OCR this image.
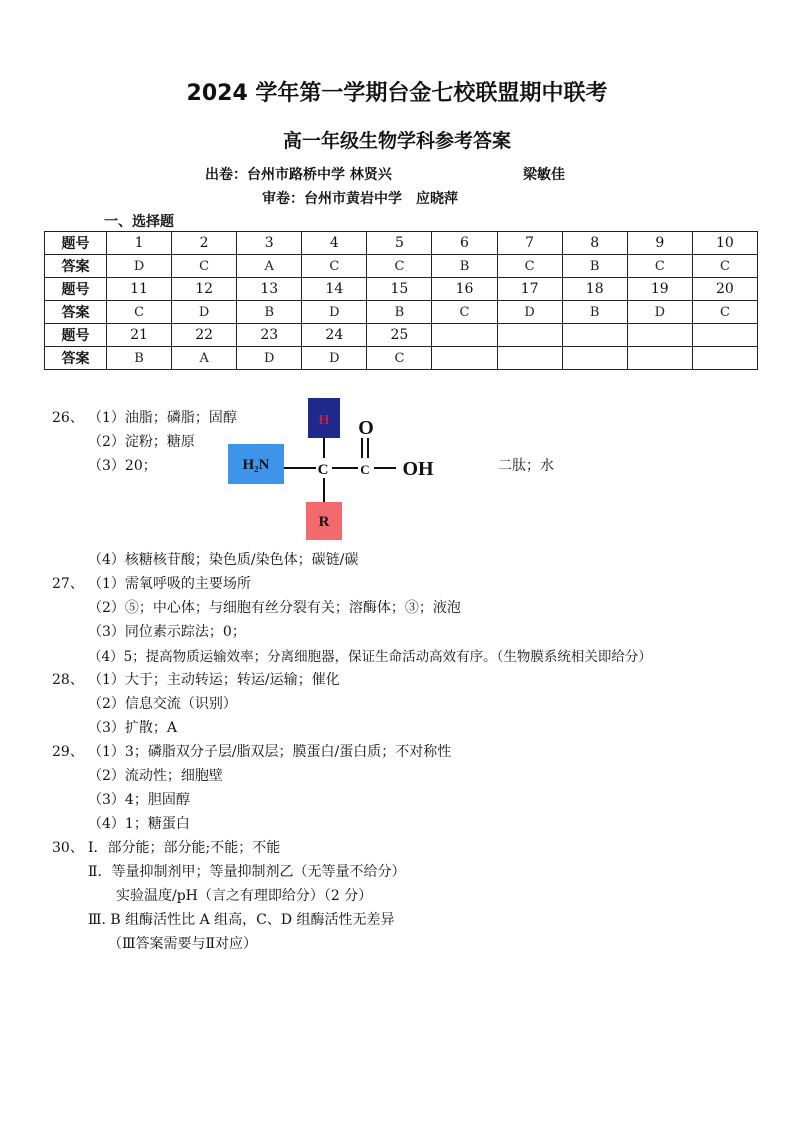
2024 学年第一学期台金七校联盟期中联考
高一年级生物学科参考答案
出卷：台州市路桥中学 林贤兴	梁敏佳
审卷：台州市黄岩中学　应晓萍
一、选择题
题号	1	2	3	4	5	6	7	8	9	10
答案	D	C	A	C	C	B	C	B	C	C
题号	11	12	13	14	15	16	17	18	19	20
答案	C	D	B	D	B	C	D	B	D	C
题号	21	22	23	24	25					
答案	B	A	D	D	C					
26、 （1）油脂；磷脂；固醇
（2）淀粉；糖原
（3）20；	二肽；水
H
H₂N	C C
O
OH
R
（4）核糖核苷酸；染色质/染色体；碳链/碳
27、 （1）需氧呼吸的主要场所
（2）⑤；中心体；与细胞有丝分裂有关；溶酶体；③；液泡
（3）同位素示踪法；0；
（4）5；提高物质运输效率；分离细胞器，保证生命活动高效有序。（生物膜系统相关即给分）
28、 （1）大于；主动转运；转运/运输；催化
（2）信息交流（识别）
（3）扩散；A
29、 （1）3；磷脂双分子层/脂双层；膜蛋白/蛋白质；不对称性
（2）流动性；细胞壁
（3）4；胆固醇
（4）1；糖蛋白
30、 Ⅰ．部分能；部分能;不能；不能
Ⅱ．等量抑制剂甲；等量抑制剂乙（无等量不给分）
实验温度/pH（言之有理即给分）（2 分）
Ⅲ. B 组酶活性比 A 组高，C、D 组酶活性无差异
（Ⅲ答案需要与Ⅱ对应）
